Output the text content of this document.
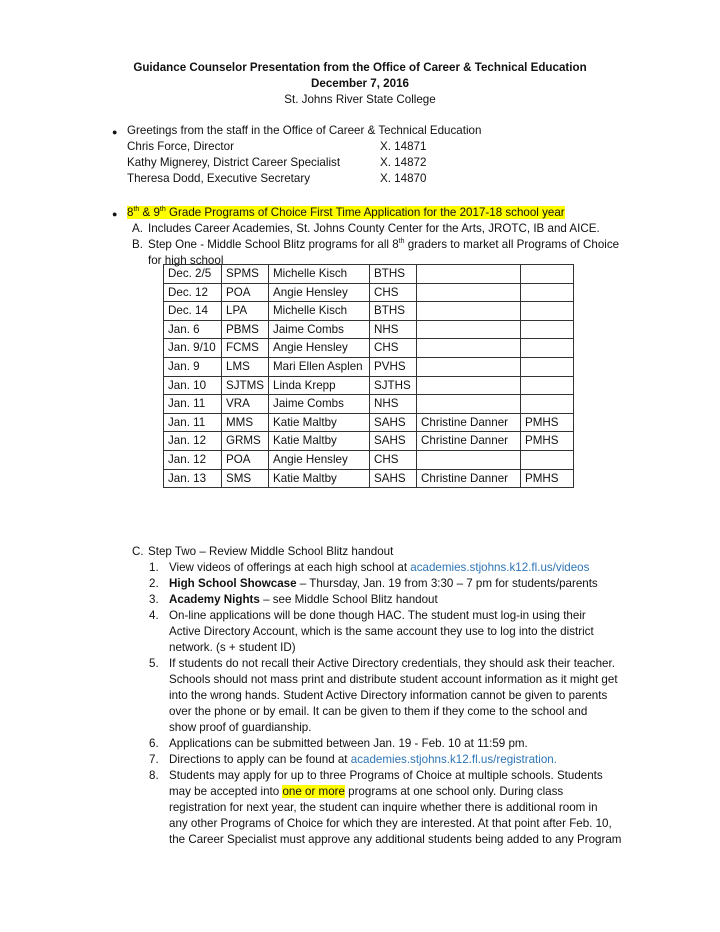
Guidance Counselor Presentation from the Office of Career & Technical Education
December 7, 2016
St. Johns River State College
● Greetings from the staff in the Office of Career & Technical Education
Chris Force, Director	X. 14871
Kathy Mignerey, District Career Specialist	X. 14872
Theresa Dodd, Executive Secretary	X. 14870
● 8th & 9th Grade Programs of Choice First Time Application for the 2017-18 school year
A. Includes Career Academies, St. Johns County Center for the Arts, JROTC, IB and AICE.
B. Step One - Middle School Blitz programs for all 8th graders to market all Programs of Choice
for high school
Dec. 2/5	SPMS	Michelle Kisch	BTHS		
Dec. 12	POA	Angie Hensley	CHS		
Dec. 14	LPA	Michelle Kisch	BTHS		
Jan. 6	PBMS	Jaime Combs	NHS		
Jan. 9/10	FCMS	Angie Hensley	CHS		
Jan. 9	LMS	Mari Ellen Asplen	PVHS		
Jan. 10	SJTMS	Linda Krepp	SJTHS		
Jan. 11	VRA	Jaime Combs	NHS		
Jan. 11	MMS	Katie Maltby	SAHS	Christine Danner	PMHS
Jan. 12	GRMS	Katie Maltby	SAHS	Christine Danner	PMHS
Jan. 12	POA	Angie Hensley	CHS		
Jan. 13	SMS	Katie Maltby	SAHS	Christine Danner	PMHS
C. Step Two – Review Middle School Blitz handout
1. View videos of offerings at each high school at academies.stjohns.k12.fl.us/videos
2. High School Showcase – Thursday, Jan. 19 from 3:30 – 7 pm for students/parents
3. Academy Nights – see Middle School Blitz handout
4. On-line applications will be done though HAC. The student must log-in using their
Active Directory Account, which is the same account they use to log into the district
network. (s + student ID)
5. If students do not recall their Active Directory credentials, they should ask their teacher.
Schools should not mass print and distribute student account information as it might get
into the wrong hands. Student Active Directory information cannot be given to parents
over the phone or by email. It can be given to them if they come to the school and
show proof of guardianship.
6. Applications can be submitted between Jan. 19 - Feb. 10 at 11:59 pm.
7. Directions to apply can be found at academies.stjohns.k12.fl.us/registration.
8. Students may apply for up to three Programs of Choice at multiple schools. Students
may be accepted into one or more programs at one school only. During class
registration for next year, the student can inquire whether there is additional room in
any other Programs of Choice for which they are interested. At that point after Feb. 10,
the Career Specialist must approve any additional students being added to any Program
